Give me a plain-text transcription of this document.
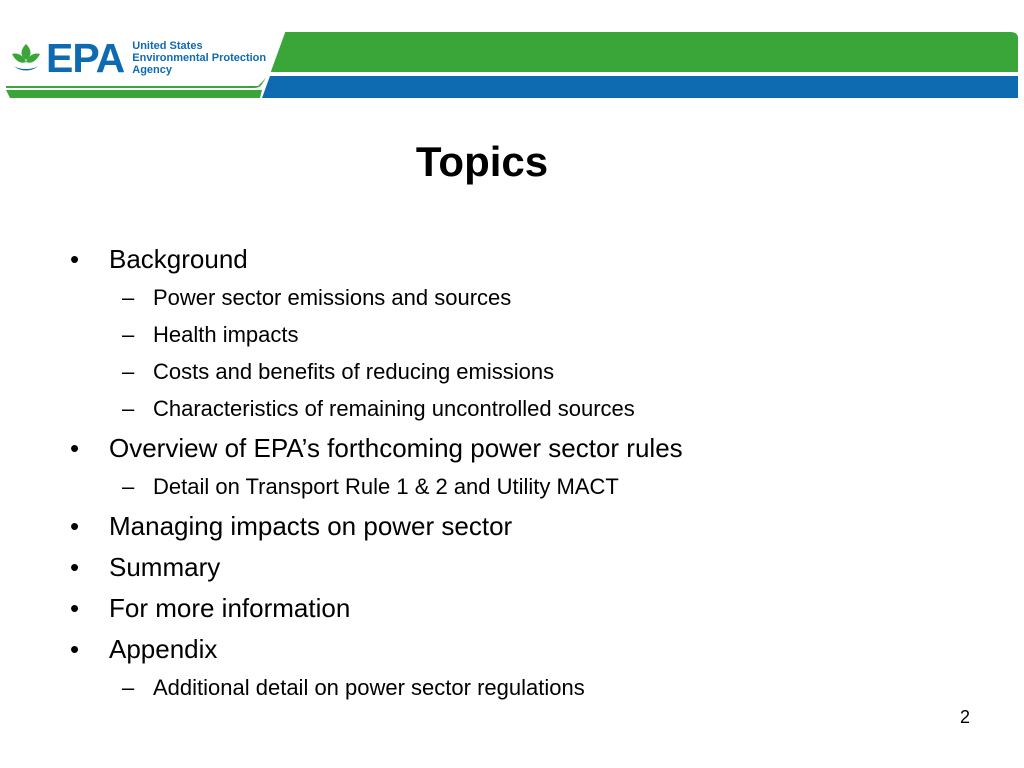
EPA United States
Environmental Protection
Agency
Topics
• Background
– Power sector emissions and sources
– Health impacts
– Costs and benefits of reducing emissions
– Characteristics of remaining uncontrolled sources
• Overview of EPA’s forthcoming power sector rules
– Detail on Transport Rule 1 & 2 and Utility MACT
• Managing impacts on power sector
• Summary
• For more information
• Appendix
– Additional detail on power sector regulations
2
